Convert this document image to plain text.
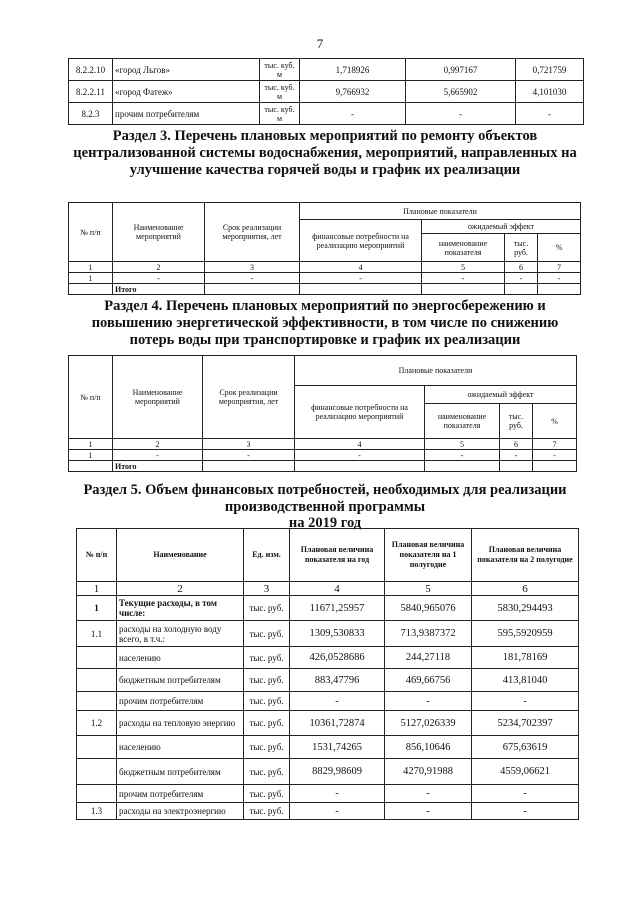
7
8.2.2.10	«город Льгов»	тыс. куб. м	1,718926	0,997167	0,721759
8.2.2.11	«город Фатеж»	тыс. куб. м	9,766932	5,665902	4,101030
8.2.3	прочим потребителям	тыс. куб. м	-	-	-
Раздел 3. Перечень плановых мероприятий по ремонту объектов централизованной системы водоснабжения, мероприятий, направленных на улучшение качества горячей воды и график их реализации
№ п/п	Наименование мероприятий	Срок реализации мероприятия, лет	Плановые показатели			
			финансовые потребности на реализацию мероприятий	ожидаемый эффект		
				наименование показателя	тыс. руб.	%
1	2	3	4	5	6	7
1	-	-	-	-	-	-
	Итого					
Раздел 4. Перечень плановых мероприятий по энергосбережению и повышению энергетической эффективности, в том числе по снижению потерь воды при транспортировке и график их реализации
№ п/п	Наименование мероприятий	Срок реализации мероприятия, лет	Плановые показатели			
			финансовые потребности на реализацию мероприятий	ожидаемый эффект		
				наименование показателя	тыс. руб.	%
1	2	3	4	5	6	7
1	-	-	-	-	-	-
	Итого					
Раздел 5. Объем финансовых потребностей, необходимых для реализации производственной программы
на 2019 год
№ п/п	Наименование	Ед. изм.	Плановая величина показателя на год	Плановая величина показателя на 1 полугодие	Плановая величина показателя на 2 полугодие
1	2	3	4	5	6
1	Текущие расходы, в том числе:	тыс. руб.	11671,25957	5840,965076	5830,294493
1.1	расходы на холодную воду всего, в т.ч.:	тыс. руб.	1309,530833	713,9387372	595,5920959
	населению	тыс. руб.	426,0528686	244,27118	181,78169
	бюджетным потребителям	тыс. руб.	883,47796	469,66756	413,81040
	прочим потребителям	тыс. руб.	-	-	-
1.2	расходы на тепловую энергию	тыс. руб.	10361,72874	5127,026339	5234,702397
	населению	тыс. руб.	1531,74265	856,10646	675,63619
	бюджетным потребителям	тыс. руб.	8829,98609	4270,91988	4559,06621
	прочим потребителям	тыс. руб.	-	-	-
1.3	расходы на электроэнергию	тыс. руб.	-	-	-
